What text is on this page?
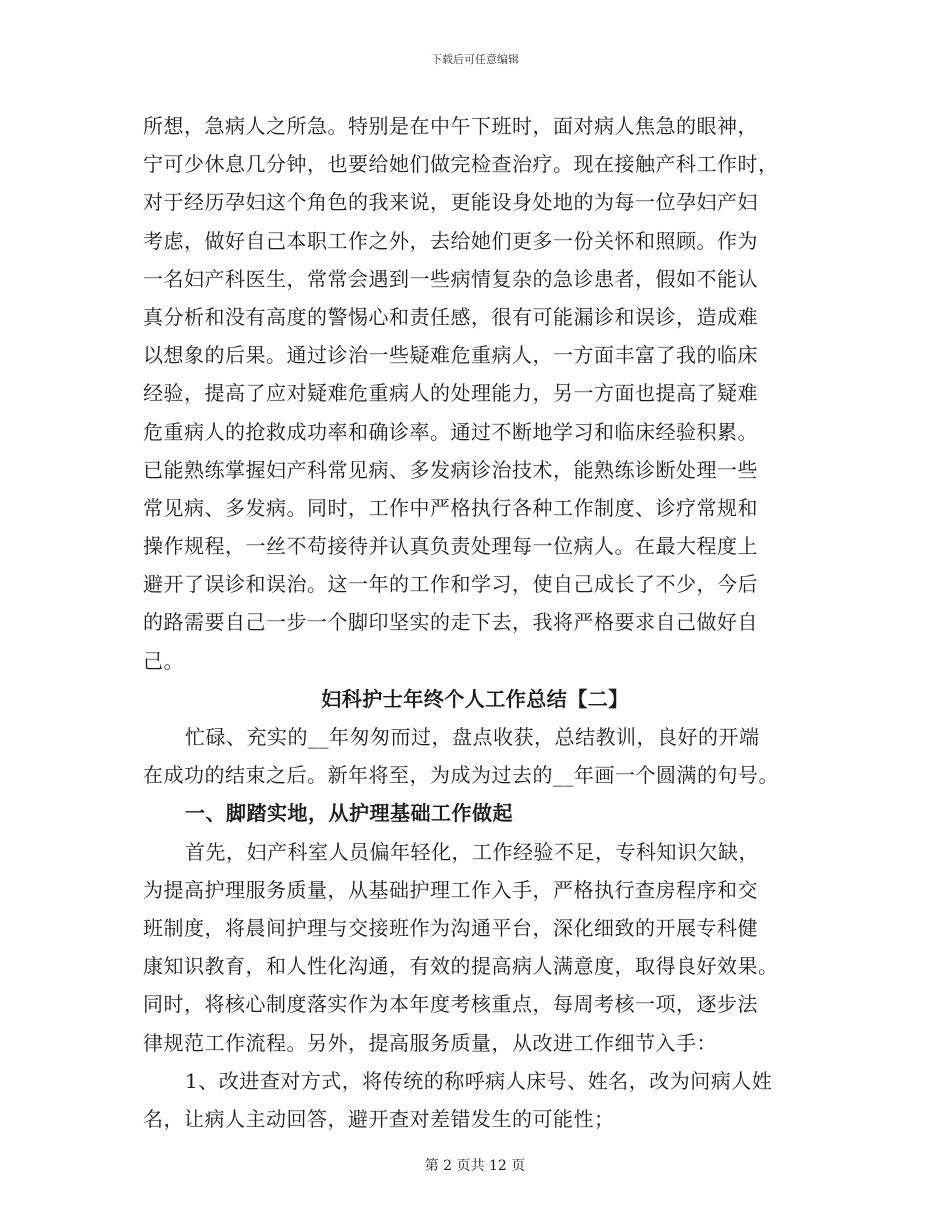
下载后可任意编辑
所想，急病人之所急。特别是在中午下班时，面对病人焦急的眼神，
宁可少休息几分钟，也要给她们做完检查治疗。现在接触产科工作时，
对于经历孕妇这个角色的我来说，更能设身处地的为每一位孕妇产妇
考虑，做好自己本职工作之外，去给她们更多一份关怀和照顾。作为
一名妇产科医生，常常会遇到一些病情复杂的急诊患者，假如不能认
真分析和没有高度的警惕心和责任感，很有可能漏诊和误诊，造成难
以想象的后果。通过诊治一些疑难危重病人，一方面丰富了我的临床
经验，提高了应对疑难危重病人的处理能力，另一方面也提高了疑难
危重病人的抢救成功率和确诊率。通过不断地学习和临床经验积累。
已能熟练掌握妇产科常见病、多发病诊治技术，能熟练诊断处理一些
常见病、多发病。同时，工作中严格执行各种工作制度、诊疗常规和
操作规程，一丝不苟接待并认真负责处理每一位病人。在最大程度上
避开了误诊和误治。这一年的工作和学习，使自己成长了不少，今后
的路需要自己一步一个脚印坚实的走下去，我将严格要求自己做好自
己。
妇科护士年终个人工作总结【二】
忙碌、充实的__年匆匆而过，盘点收获，总结教训，良好的开端
在成功的结束之后。新年将至，为成为过去的__年画一个圆满的句号。
一、脚踏实地，从护理基础工作做起
首先，妇产科室人员偏年轻化，工作经验不足，专科知识欠缺，
为提高护理服务质量，从基础护理工作入手，严格执行查房程序和交
班制度，将晨间护理与交接班作为沟通平台，深化细致的开展专科健
康知识教育，和人性化沟通，有效的提高病人满意度，取得良好效果。
同时，将核心制度落实作为本年度考核重点，每周考核一项，逐步法
律规范工作流程。另外，提高服务质量，从改进工作细节入手：
1、改进查对方式，将传统的称呼病人床号、姓名，改为问病人姓
名，让病人主动回答，避开查对差错发生的可能性；
第 2 页共 12 页
